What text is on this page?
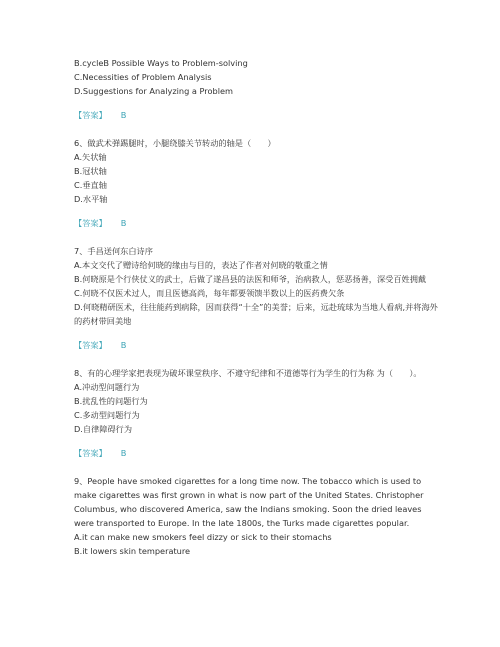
B.cycleB Possible Ways to Problem-solving
C.Necessities of Problem Analysis
D.Suggestions for Analyzing a Problem
【答案】 B
6、做武术弹踢腿时，小腿绕膝关节转动的轴是（　　）
A.矢状轴
B.冠状轴
C.垂直轴
D.水平轴
【答案】 B
7、手昌送何东白诗序
A.本文交代了赠诗给何晓的缘由与目的，表达了作者对何晓的敬重之情
B.何晓原是个行侠仗义的武士，后做了遂昌县的法医和师爷，治病救人，惩恶扬善，深受百姓拥戴
C.何晓不仅医术过人，而且医德高尚，每年都要领馈半数以上的医药费欠条
D.何晓精研医术，往往能药到病除，因而获得“十全”的美誉；后来，远赴琉球为当地人看病,并将海外的药材带回美地
【答案】 B
8、有的心理学家把表现为破坏课堂秩序、不遵守纪律和不道德等行为学生的行为称 为（　　）。
A.冲动型问题行为
B.扰乱性的问题行为
C.多动型问题行为
D.自律障碍行为
【答案】 B
9、People have smoked cigarettes for a long time now. The tobacco which is used to make cigarettes was first grown in what is now part of the United States. Christopher Columbus, who discovered America, saw the Indians smoking. Soon the dried leaves were transported to Europe. In the late 1800s, the Turks made cigarettes popular.
A.it can make new smokers feel dizzy or sick to their stomachs
B.it lowers skin temperature
